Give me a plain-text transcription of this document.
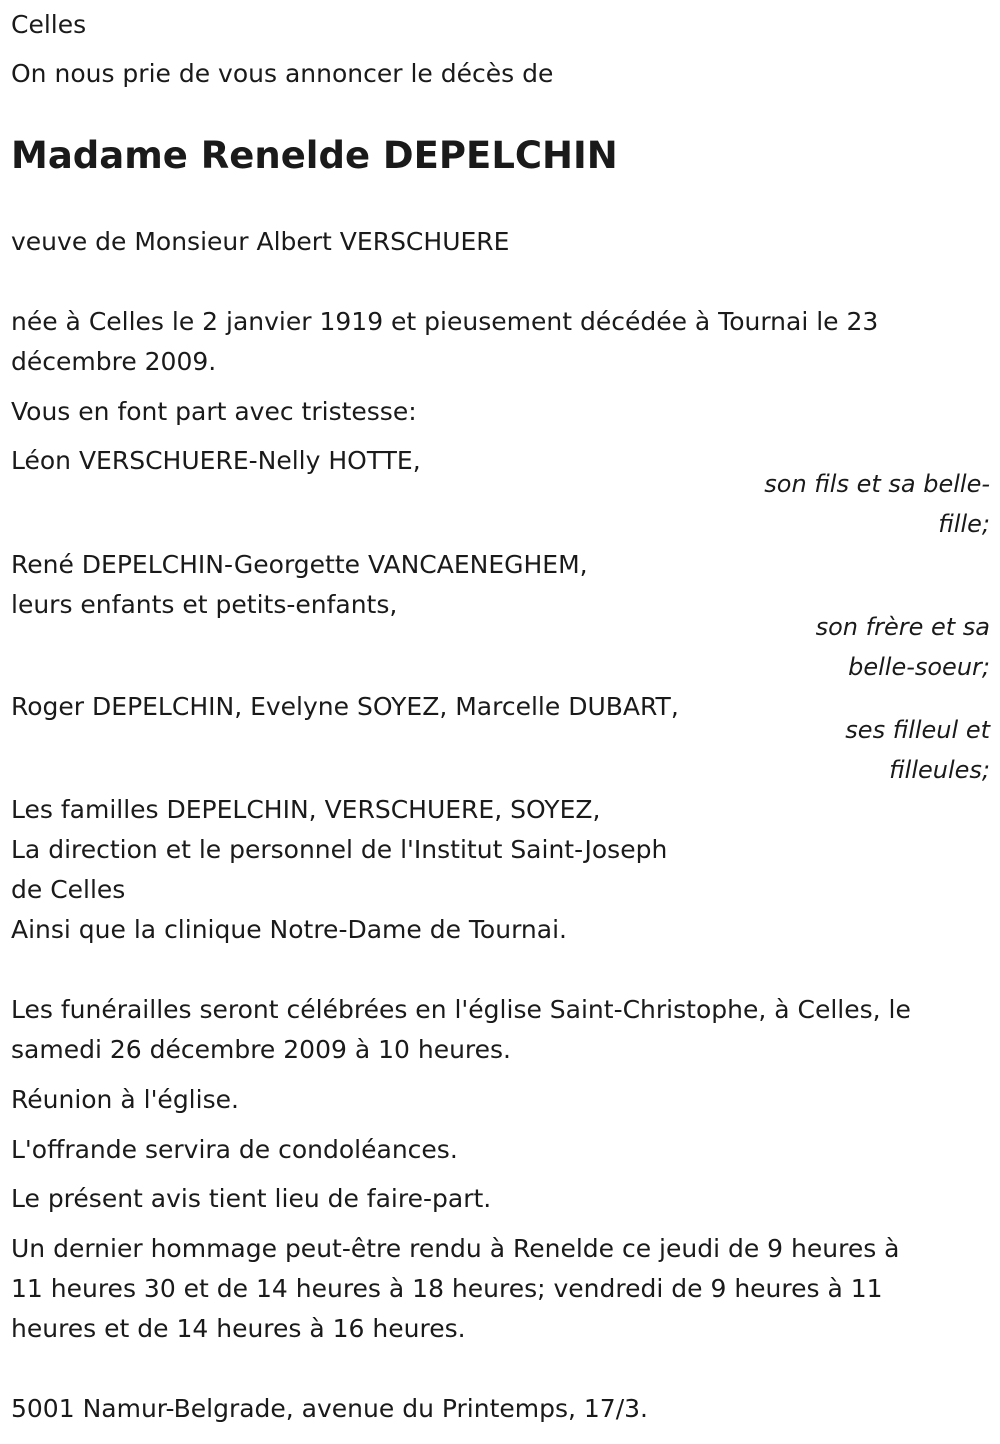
Celles

On nous prie de vous annoncer le décès de

Madame Renelde DEPELCHIN

veuve de Monsieur Albert VERSCHUERE

née à Celles le 2 janvier 1919 et pieusement décédée à Tournai le 23

décembre 2009.

Vous en font part avec tristesse:

Léon VERSCHUERE-Nelly HOTTE,

son fils et sa belle-

fille;

René DEPELCHIN-Georgette VANCAENEGHEM,

leurs enfants et petits-enfants,

son frère et sa

belle-soeur;

Roger DEPELCHIN, Evelyne SOYEZ, Marcelle DUBART,

ses filleul et

filleules;

Les familles DEPELCHIN, VERSCHUERE, SOYEZ,

La direction et le personnel de l'Institut Saint-Joseph

de Celles

Ainsi que la clinique Notre-Dame de Tournai.

Les funérailles seront célébrées en l'église Saint-Christophe, à Celles, le

samedi 26 décembre 2009 à 10 heures.

Réunion à l'église.

L'offrande servira de condoléances.

Le présent avis tient lieu de faire-part.

Un dernier hommage peut-être rendu à Renelde ce jeudi de 9 heures à

11 heures 30 et de 14 heures à 18 heures; vendredi de 9 heures à 11

heures et de 14 heures à 16 heures.

5001 Namur-Belgrade, avenue du Printemps, 17/3.
